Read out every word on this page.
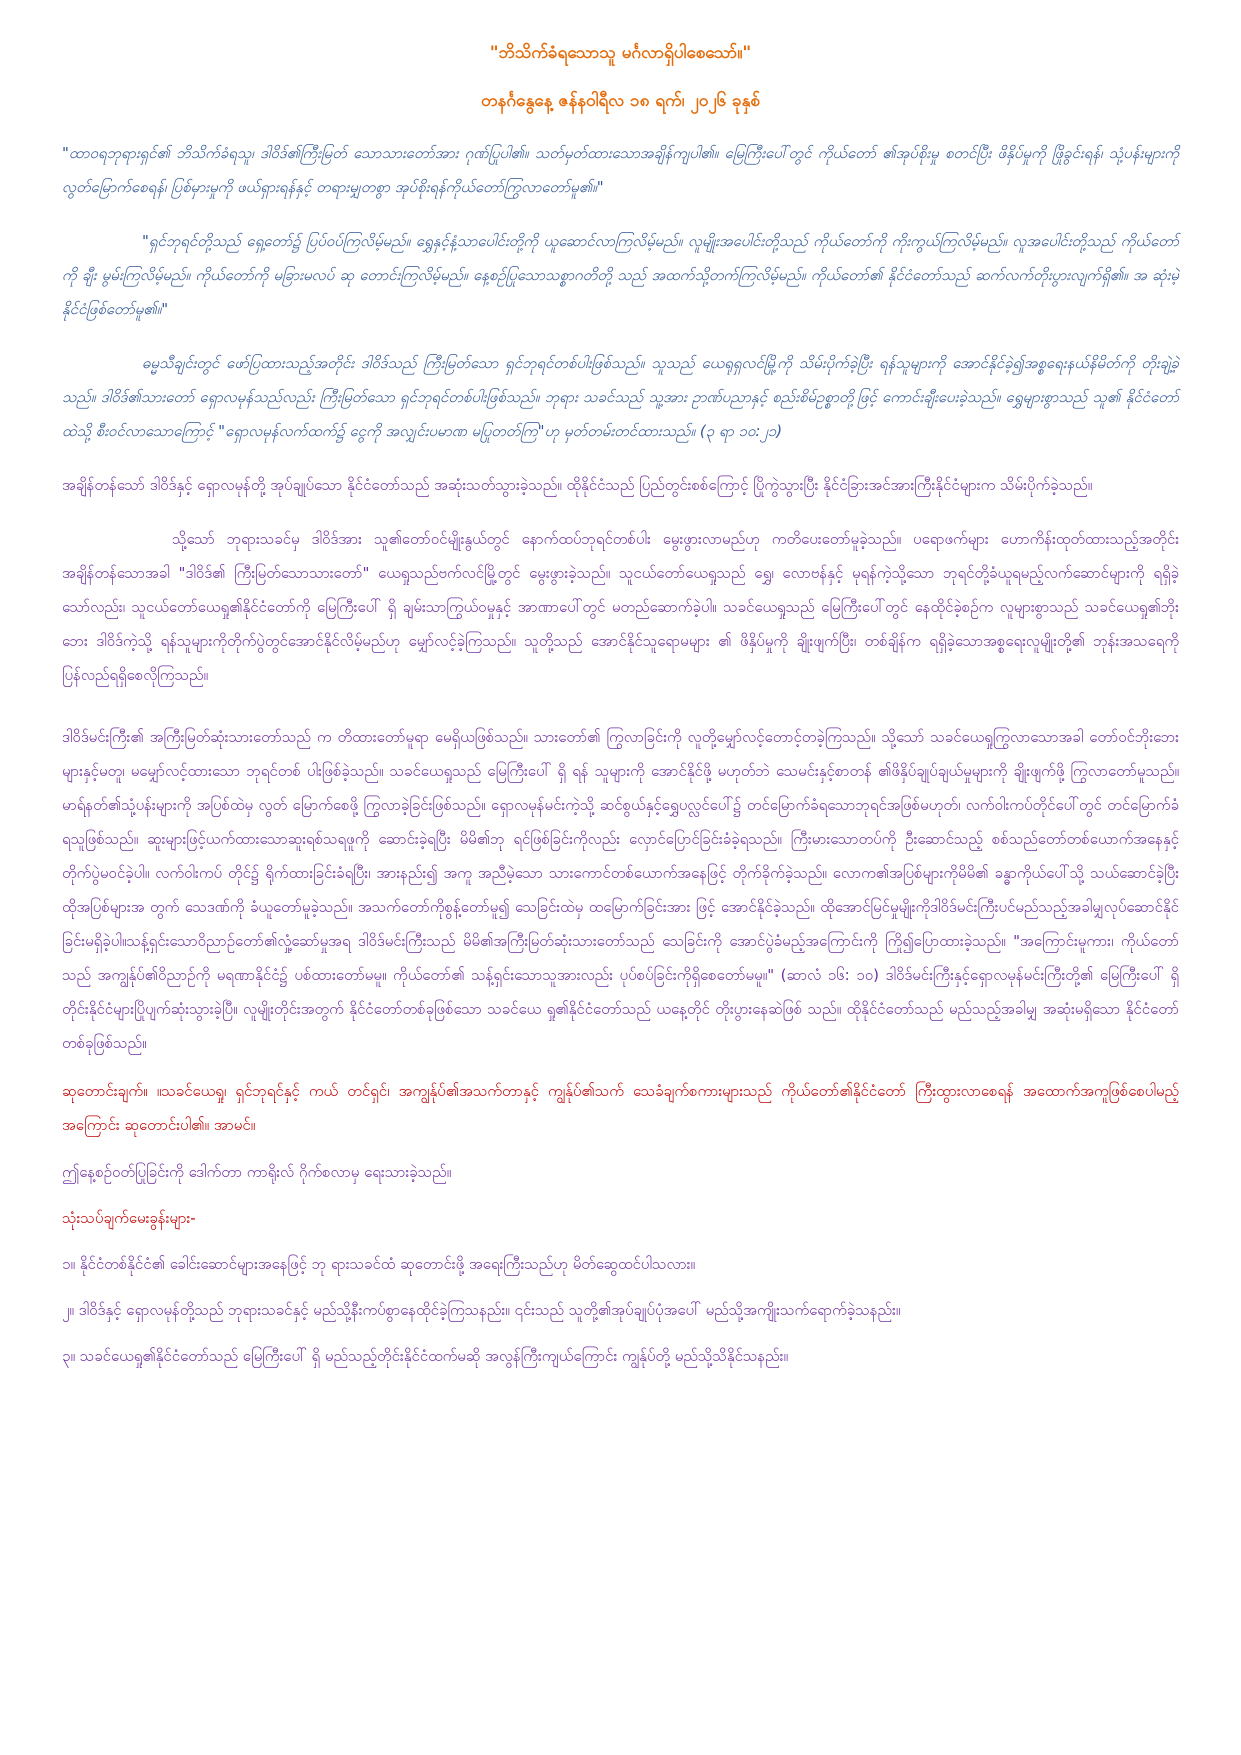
"ဘိသိက်ခံရသောသူ မင်္ဂလာရှိပါစေသော်။"

တနင်္ဂနွေနေ့ ဇန်နဝါရီလ ၁၈ ရက်၊ ၂၀၂၆ ခုနှစ်

"ထာဝရဘုရားရှင်၏ ဘိသိက်ခံရသူ၊ ဒါဝိဒ်၏ကြီးမြတ် သောသားတော်အား ဂုဏ်ပြုပါ၏။ သတ်မှတ်ထားသောအချိန်ကျပါ၏။ မြေကြီးပေါ်တွင် ကိုယ်တော် ၏အုပ်စိုးမှု စတင်ပြီး ဖိနှိပ်မှုကို ဖြိုခွင်းရန်၊ သုံ့ပန်းများကို လွတ်မြောက်စေရန်၊ ပြစ်မှားမှုကို ဖယ်ရှားရန်နှင့် တရားမျှတစွာ အုပ်စိုးရန်ကိုယ်တော်ကြွလာတော်မူ၏။"

"ရှင်ဘုရင်တို့သည် ရှေ့တော်၌ ပြပ်ဝပ်ကြလိမ့်မည်။ ရွှေနှင့်နံ့သာပေါင်းတို့ကို ယူဆောင်လာကြလိမ့်မည်။ လူမျိုးအပေါင်းတို့သည် ကိုယ်တော်ကို ကိုးကွယ်ကြလိမ့်မည်။ လူအပေါင်းတို့သည် ကိုယ်တော်ကို ချီး မွမ်းကြလိမ့်မည်။ ကိုယ်တော်ကို မခြားမလပ် ဆု တောင်းကြလိမ့်မည်။ နေ့စဉ်ပြုသောသစ္စာဂတိတို့ သည် အထက်သို့တက်ကြလိမ့်မည်။ ကိုယ်တော်၏ နိုင်ငံတော်သည် ဆက်လက်တိုးပွားလျက်ရှိ၏။ အ ဆုံးမဲ့နိုင်ငံဖြစ်တော်မူ၏။"

ဓမ္မသီချင်းတွင် ဖော်ပြထားသည့်အတိုင်း ဒါဝိဒ်သည် ကြီးမြတ်သော ရှင်ဘုရင်တစ်ပါးဖြစ်သည်။ သူသည် ယေရုရှလင်မြို့ကို သိမ်းပိုက်ခဲ့ပြီး ရန်သူများကို အောင်နိုင်ခဲ့၍အစ္စရေးနယ်နိမိတ်ကို တိုးချဲ့ခဲ့သည်။ ဒါဝိဒ်၏သားတော် ရှောလမုန်သည်လည်း ကြီးမြတ်သော ရှင်ဘုရင်တစ်ပါးဖြစ်သည်။ ဘုရား သခင်သည် သူ့အား ဥာဏ်ပညာနှင့် စည်းစိမ်ဥစ္စာတို့ဖြင့် ကောင်းချီးပေးခဲ့သည်။ ရွှေများစွာသည် သူ၏ နိုင်ငံတော်ထဲသို့ စီးဝင်လာသောကြောင့် "ရှောလမုန်လက်ထက်၌ ငွေကို အလျှင်းပမာဏ မပြုတတ်ကြ"ဟု မှတ်တမ်းတင်ထားသည်။ (၃ ရာ ၁၀:၂၁)

အချိန်တန်သော် ဒါဝိဒ်နှင့် ရှောလမုန်တို့ အုပ်ချုပ်သော နိုင်ငံတော်သည် အဆုံးသတ်သွားခဲ့သည်။ ထိုနိုင်ငံသည် ပြည်တွင်းစစ်ကြောင့် ပြိုကွဲသွားပြီး နိုင်ငံခြားအင်အားကြီးနိုင်ငံများက သိမ်းပိုက်ခဲ့သည်။

သို့သော် ဘုရားသခင်မှ ဒါဝိဒ်အား သူ၏တော်ဝင်မျိုးနွယ်တွင် နောက်ထပ်ဘုရင်တစ်ပါး မွေးဖွားလာမည်ဟု ကတိပေးတော်မူခဲ့သည်။ ပရောဖက်များ ဟောကိန်းထုတ်ထားသည့်အတိုင်း အချိန်တန်သောအခါ "ဒါဝိဒ်၏ ကြီးမြတ်သောသားတော်" ယေရှုသည်ဗက်လင်မြို့တွင် မွေးဖွားခဲ့သည်။ သူငယ်တော်ယေရှုသည် ရွှေ၊ လောဗန်နှင့် မုရန်ကဲ့သို့သော ဘုရင်တို့ခံယူရမည့်လက်ဆောင်များကို ရရှိခဲ့သော်လည်း၊ သူငယ်တော်ယေရှု၏နိုင်ငံတော်ကို မြေကြီးပေါ် ရှိ ချမ်းသာကြွယ်ဝမှုနှင့် အာဏာပေါ်တွင် မတည်ဆောက်ခဲ့ပါ။ သခင်ယေရှုသည် မြေကြီးပေါ်တွင် နေထိုင်ခဲ့စဉ်က လူများစွာသည် သခင်ယေရှု၏ဘိုးဘေး ဒါဝိဒ်ကဲ့သို့ ရန်သူများကိုတိုက်ပွဲတွင်အောင်နိုင်လိမ့်မည်ဟု မျှော်လင့်ခဲ့ကြသည်။ သူတို့သည် အောင်နိုင်သူရောမများ ၏ ဖိနှိပ်မှုကို ချိုးဖျက်ပြီး၊ တစ်ချိန်က ရရှိခဲ့သောအစ္စရေးလူမျိုးတို့၏ ဘုန်းအသရေကို ပြန်လည်ရရှိစေလိုကြသည်။

ဒါဝိဒ်မင်းကြီး၏ အကြီးမြတ်ဆုံးသားတော်သည် က တိထားတော်မူရာ မေရှိယဖြစ်သည်။ သားတော်၏ ကြွလာခြင်းကို လူတို့မျှော်လင့်တောင့်တခဲ့ကြသည်။ သို့သော် သခင်ယေရှုကြွလာသောအခါ တော်ဝင်ဘိုးဘေးများနှင့်မတူ၊ မမျှော်လင့်ထားသော ဘုရင်တစ် ပါးဖြစ်ခဲ့သည်။ သခင်ယေရှုသည် မြေကြီးပေါ် ရှိ ရန် သူများကို အောင်နိုင်ဖို့ မဟုတ်ဘဲ သေမင်းနှင့်စာတန် ၏ဖိနှိပ်ချုပ်ချယ်မှုများကို ချိုးဖျက်ဖို့ ကြွလာတော်မူသည်။ မာရ်နတ်၏သုံ့ပန်းများကို အပြစ်ထဲမှ လွတ် မြောက်စေဖို့ ကြွလာခဲ့ခြင်းဖြစ်သည်။ ရှောလမုန်မင်းကဲ့သို့ ဆင်စွယ်နှင့်ရွှေပလ္လင်ပေါ်၌ တင်မြောက်ခံရသောဘုရင်အဖြစ်မဟုတ်၊ လက်ဝါးကပ်တိုင်ပေါ်တွင် တင်မြောက်ခံရသူဖြစ်သည်။ ဆူးများဖြင့်ယက်ထားသောဆူးရစ်သရဖူကို ဆောင်းခဲ့ရပြီး မိမိ၏ဘု ရင်ဖြစ်ခြင်းကိုလည်း လှောင်ပြောင်ခြင်းခံခဲ့ရသည်။ ကြီးမားသောတပ်ကို ဦးဆောင်သည့် စစ်သည်တော်တစ်ယောက်အနေနှင့် တိုက်ပွဲမဝင်ခဲ့ပါ။ လက်ဝါးကပ် တိုင်၌ ရိုက်ထားခြင်းခံရပြီး၊ အားနည်း၍ အကူ အညီမဲ့သော သားကောင်တစ်ယောက်အနေဖြင့် တိုက်ခိုက်ခဲ့သည်။ လောက၏အပြစ်များကိုမိမိ၏ ခန္ဓာကိုယ်ပေါ်သို့ သယ်ဆောင်ခဲ့ပြီး ထိုအပြစ်များအ တွက် သေဒဏ်ကို ခံယူတော်မူခဲ့သည်။ အသက်တော်ကိုစွန့်တော်မူ၍ သေခြင်းထဲမှ ထမြောက်ခြင်းအား ဖြင့် အောင်နိုင်ခဲ့သည်။ ထိုအောင်မြင်မှုမျိုးကိုဒါဝိဒ်မင်းကြီးပင်မည်သည့်အခါမျှလုပ်ဆောင်နိုင်ခြင်းမရှိခဲ့ပါ။သန့်ရှင်းသောဝိညာဉ်တော်၏လှုံ့ဆော်မှုအရ ဒါဝိဒ်မင်းကြီးသည် မိမိ၏အကြီးမြတ်ဆုံးသားတော်သည် သေခြင်းကို အောင်ပွဲခံမည့်အကြောင်းကို ကြို၍ပြောထားခဲ့သည်။ "အကြောင်းမူကား၊ ကိုယ်တော်သည် အကျွန်ုပ်၏ဝိညာဉ်ကို မရဏာနိုင်ငံ၌ ပစ်ထားတော်မမူ။ ကိုယ်တော်၏ သန့်ရှင်းသောသူအားလည်း ပုပ်စပ်ခြင်းကိုရှိစေတော်မမူ။" (ဆာလံ ၁၆: ၁၀) ဒါဝိဒ်မင်းကြီးနှင့်ရှောလမုန်မင်းကြီးတို့၏ မြေကြီးပေါ် ရှိ တိုင်းနိုင်ငံများပြိုပျက်ဆုံးသွားခဲ့ပြီ။ လူမျိုးတိုင်းအတွက် နိုင်ငံတော်တစ်ခုဖြစ်သော သခင်ယေ ရှု၏နိုင်ငံတော်သည် ယနေ့တိုင် တိုးပွားနေဆဲဖြစ် သည်။ ထိုနိုင်ငံတော်သည် မည်သည့်အခါမျှ အဆုံးမရှိသော နိုင်ငံတော်တစ်ခုဖြစ်သည်။

ဆုတောင်းချက်။ ။သခင်ယေရှု၊ ရှင်ဘုရင်နှင့် ကယ် တင်ရှင်၊ အကျွန်ုပ်၏အသက်တာနှင့် ကျွန်ုပ်၏သက် သေခံချက်စကားများသည် ကိုယ်တော်၏နိုင်ငံတော် ကြီးထွားလာစေရန် အထောက်အကူဖြစ်စေပါမည့်အကြောင်း ဆုတောင်းပါ၏။ အာမင်။

ဤနေ့စဉ်ဝတ်ပြုခြင်းကို ဒေါက်တာ ကာရိုးလ် ဂိုက်စလာမှ ရေးသားခဲ့သည်။

သုံးသပ်ချက်မေးခွန်းများ-

၁။ နိုင်ငံတစ်နိုင်ငံ၏ ခေါင်းဆောင်များအနေဖြင့် ဘု ရားသခင်ထံ ဆုတောင်းဖို့ အရေးကြီးသည်ဟု မိတ်ဆွေထင်ပါသလား။

၂။ ဒါဝိဒ်နှင့် ရှောလမုန်တို့သည် ဘုရားသခင်နှင့် မည်သို့နီးကပ်စွာနေထိုင်ခဲ့ကြသနည်း။ ၎င်းသည် သူတို့၏အုပ်ချုပ်ပုံအပေါ် မည်သို့အကျိုးသက်ရောက်ခဲ့သနည်း။

၃။ သခင်ယေရှု၏နိုင်ငံတော်သည် မြေကြီးပေါ် ရှိ မည်သည့်တိုင်းနိုင်ငံထက်မဆို အလွန်ကြီးကျယ်ကြောင်း ကျွန်ုပ်တို့ မည်သို့သိနိုင်သနည်း။
